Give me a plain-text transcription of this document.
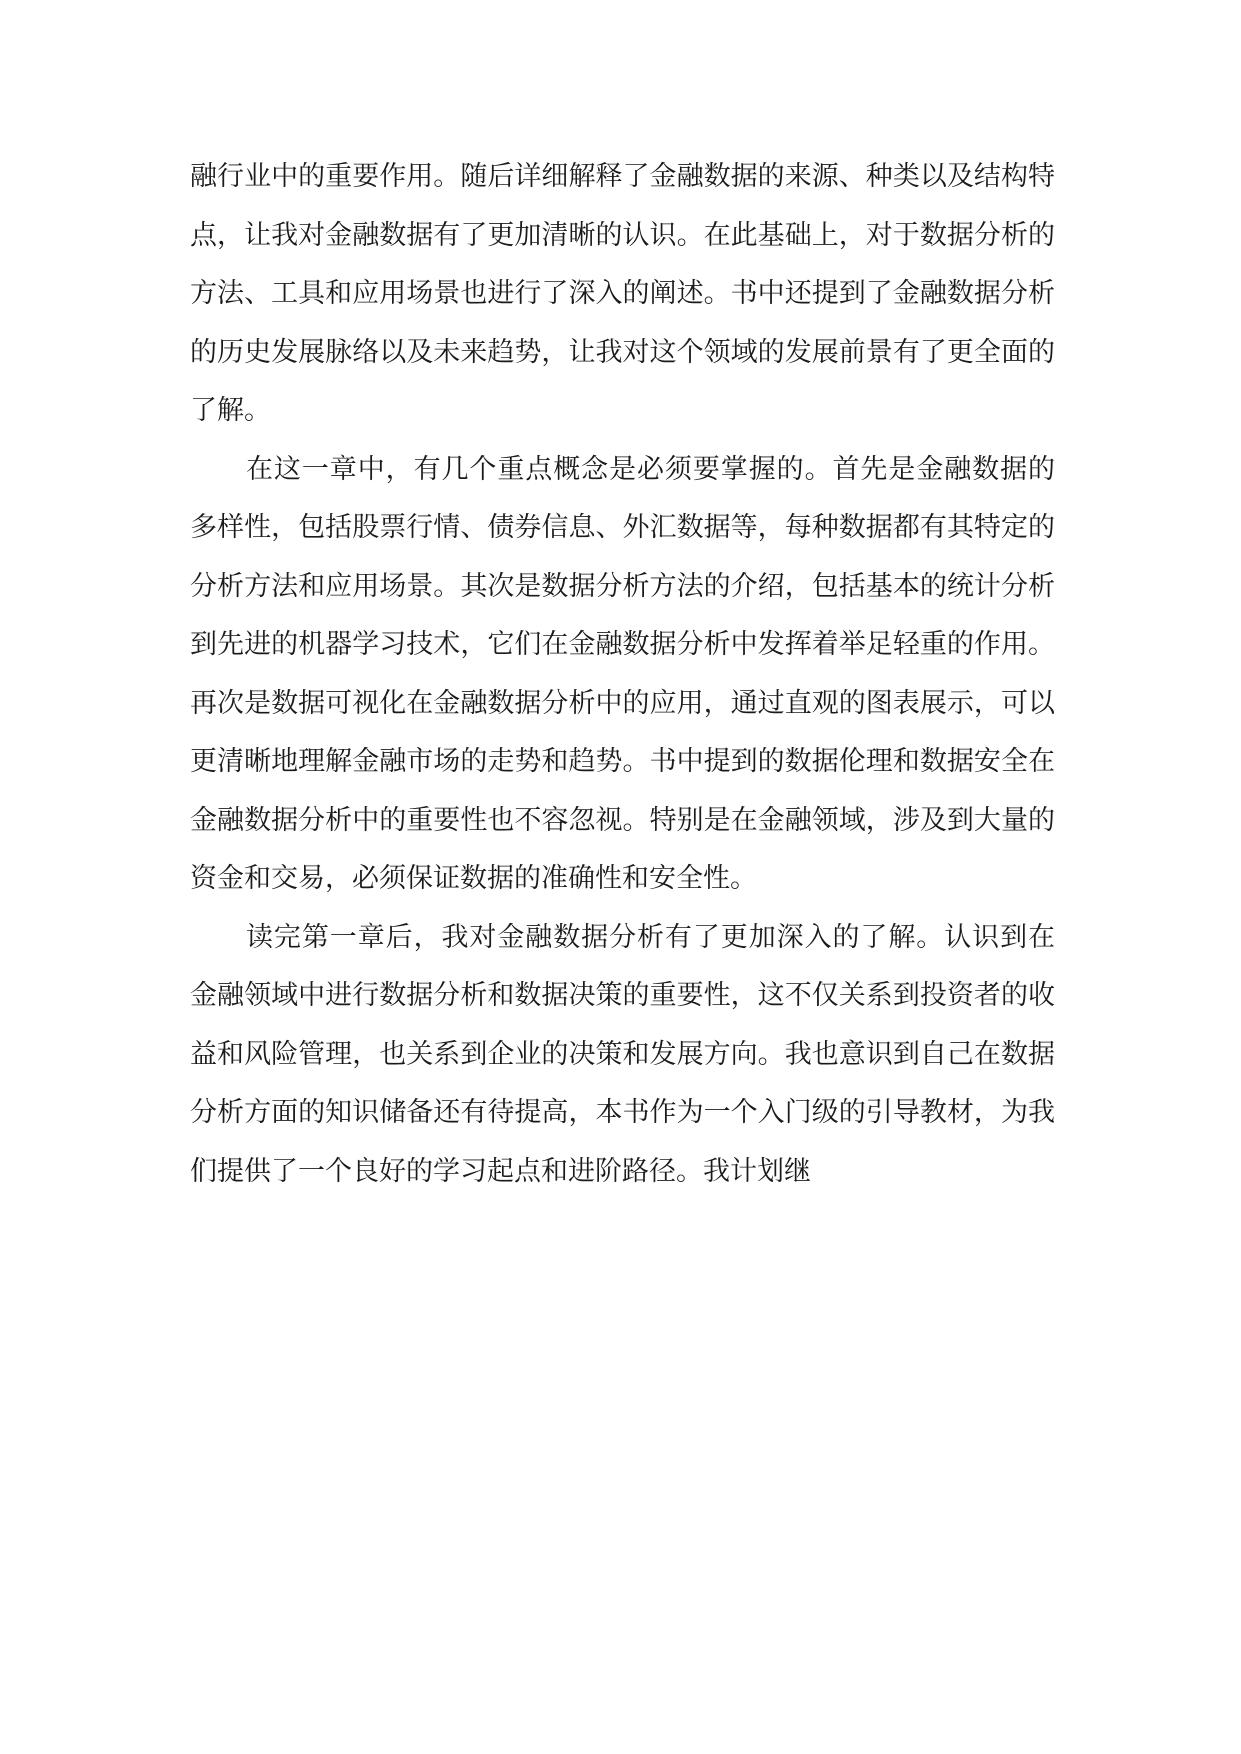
融行业中的重要作用。随后详细解释了金融数据的来源、种类以及结构特点，让我对金融数据有了更加清晰的认识。在此基础上，对于数据分析的方法、工具和应用场景也进行了深入的阐述。书中还提到了金融数据分析的历史发展脉络以及未来趋势，让我对这个领域的发展前景有了更全面的了解。

在这一章中，有几个重点概念是必须要掌握的。首先是金融数据的多样性，包括股票行情、债券信息、外汇数据等，每种数据都有其特定的分析方法和应用场景。其次是数据分析方法的介绍，包括基本的统计分析到先进的机器学习技术，它们在金融数据分析中发挥着举足轻重的作用。再次是数据可视化在金融数据分析中的应用，通过直观的图表展示，可以更清晰地理解金融市场的走势和趋势。书中提到的数据伦理和数据安全在金融数据分析中的重要性也不容忽视。特别是在金融领域，涉及到大量的资金和交易，必须保证数据的准确性和安全性。

读完第一章后，我对金融数据分析有了更加深入的了解。认识到在金融领域中进行数据分析和数据决策的重要性，这不仅关系到投资者的收益和风险管理，也关系到企业的决策和发展方向。我也意识到自己在数据分析方面的知识储备还有待提高，本书作为一个入门级的引导教材，为我们提供了一个良好的学习起点和进阶路径。我计划继
